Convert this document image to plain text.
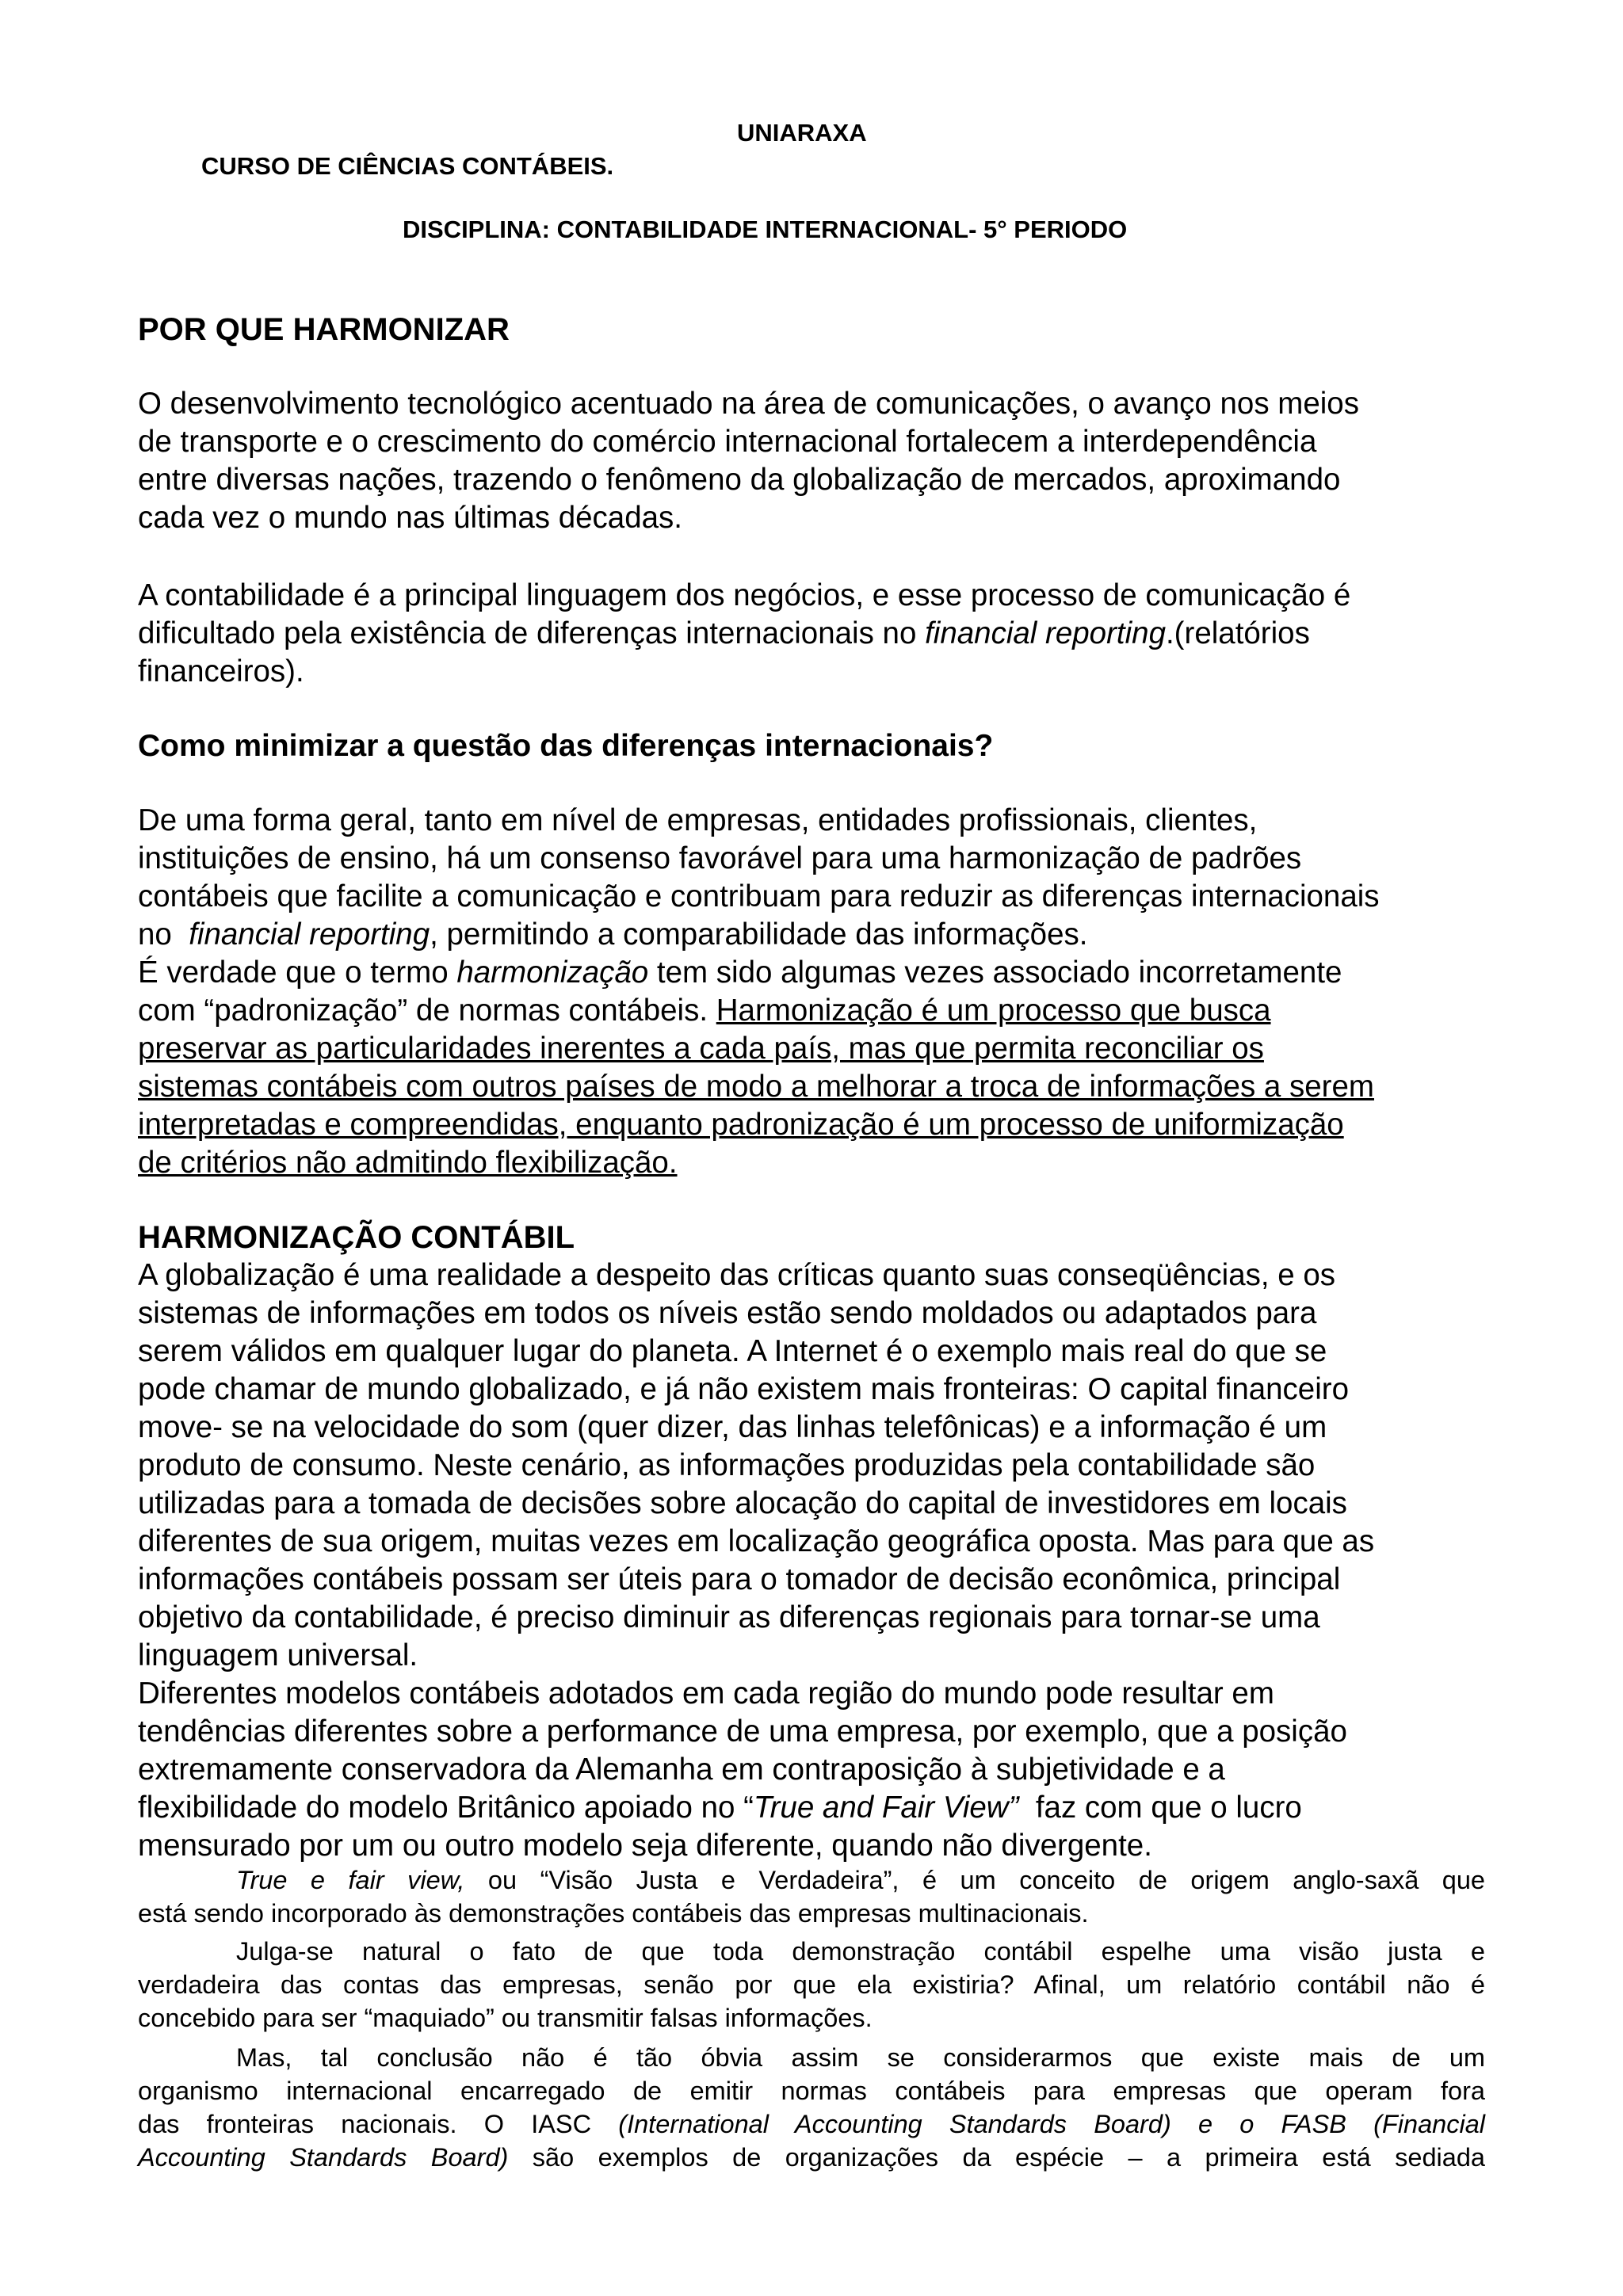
UNIARAXA
CURSO DE CIÊNCIAS CONTÁBEIS.
DISCIPLINA: CONTABILIDADE INTERNACIONAL- 5° PERIODO
POR QUE HARMONIZAR
O desenvolvimento tecnológico acentuado na área de comunicações, o avanço nos meios
de transporte e o crescimento do comércio internacional fortalecem a interdependência
entre diversas nações, trazendo o fenômeno da globalização de mercados, aproximando
cada vez o mundo nas últimas décadas.
A contabilidade é a principal linguagem dos negócios, e esse processo de comunicação é
dificultado pela existência de diferenças internacionais no financial reporting.(relatórios
financeiros).
Como minimizar a questão das diferenças internacionais?
De uma forma geral, tanto em nível de empresas, entidades profissionais, clientes,
instituições de ensino, há um consenso favorável para uma harmonização de padrões
contábeis que facilite a comunicação e contribuam para reduzir as diferenças internacionais
no  financial reporting, permitindo a comparabilidade das informações.
É verdade que o termo harmonização tem sido algumas vezes associado incorretamente
com “padronização” de normas contábeis. Harmonização é um processo que busca
preservar as particularidades inerentes a cada país, mas que permita reconciliar os
sistemas contábeis com outros países de modo a melhorar a troca de informações a serem
interpretadas e compreendidas, enquanto padronização é um processo de uniformização
de critérios não admitindo flexibilização.
HARMONIZAÇÃO CONTÁBIL
A globalização é uma realidade a despeito das críticas quanto suas conseqüências, e os
sistemas de informações em todos os níveis estão sendo moldados ou adaptados para
serem válidos em qualquer lugar do planeta. A Internet é o exemplo mais real do que se
pode chamar de mundo globalizado, e já não existem mais fronteiras: O capital financeiro
move- se na velocidade do som (quer dizer, das linhas telefônicas) e a informação é um
produto de consumo. Neste cenário, as informações produzidas pela contabilidade são
utilizadas para a tomada de decisões sobre alocação do capital de investidores em locais
diferentes de sua origem, muitas vezes em localização geográfica oposta. Mas para que as
informações contábeis possam ser úteis para o tomador de decisão econômica, principal
objetivo da contabilidade, é preciso diminuir as diferenças regionais para tornar-se uma
linguagem universal.
Diferentes modelos contábeis adotados em cada região do mundo pode resultar em
tendências diferentes sobre a performance de uma empresa, por exemplo, que a posição
extremamente conservadora da Alemanha em contraposição à subjetividade e a
flexibilidade do modelo Britânico apoiado no “True and Fair View”  faz com que o lucro
mensurado por um ou outro modelo seja diferente, quando não divergente.
True e fair view, ou “Visão Justa e Verdadeira”, é um conceito de origem anglo-saxã que
está sendo incorporado às demonstrações contábeis das empresas multinacionais.
Julga-se natural o fato de que toda demonstração contábil espelhe uma visão justa e
verdadeira das contas das empresas, senão por que ela existiria? Afinal, um relatório contábil não é
concebido para ser “maquiado” ou transmitir falsas informações.
Mas, tal conclusão não é tão óbvia assim se considerarmos que existe mais de um
organismo internacional encarregado de emitir normas contábeis para empresas que operam fora
das fronteiras nacionais. O IASC (International Accounting Standards Board) e o FASB (Financial
Accounting Standards Board) são exemplos de organizações da espécie – a primeira está sediada
